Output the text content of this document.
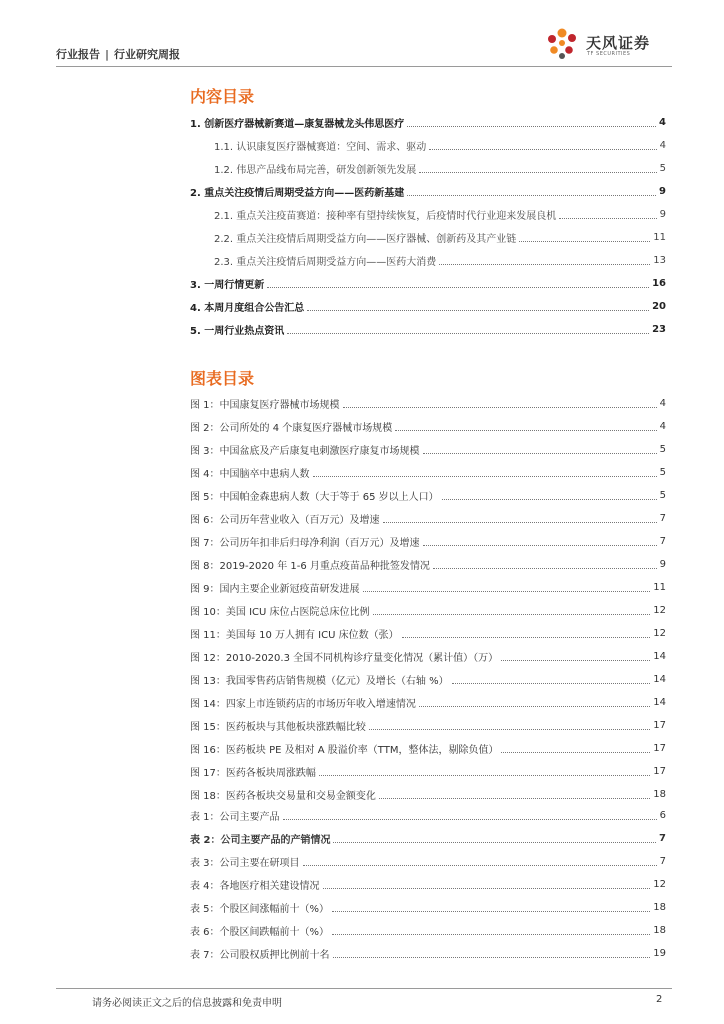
行业报告 | 行业研究周报
天风证券
TF SECURITIES
内容目录
1. 创新医疗器械新赛道—康复器械龙头伟思医疗	4
1.1. 认识康复医疗器械赛道：空间、需求、驱动	4
1.2. 伟思产品线布局完善，研发创新领先发展	5
2. 重点关注疫情后周期受益方向——医药新基建	9
2.1. 重点关注疫苗赛道：接种率有望持续恢复，后疫情时代行业迎来发展良机	9
2.2. 重点关注疫情后周期受益方向——医疗器械、创新药及其产业链	11
2.3. 重点关注疫情后周期受益方向——医药大消费	13
3. 一周行情更新	16
4. 本周月度组合公告汇总	20
5. 一周行业热点资讯	23
图表目录
图 1：中国康复医疗器械市场规模	4
图 2：公司所处的 4 个康复医疗器械市场规模	4
图 3：中国盆底及产后康复电刺激医疗康复市场规模	5
图 4：中国脑卒中患病人数	5
图 5：中国帕金森患病人数（大于等于 65 岁以上人口）	5
图 6：公司历年营业收入（百万元）及增速	7
图 7：公司历年扣非后归母净利润（百万元）及增速	7
图 8：2019-2020 年 1-6 月重点疫苗品种批签发情况	9
图 9：国内主要企业新冠疫苗研发进展	11
图 10：美国 ICU 床位占医院总床位比例	12
图 11：美国每 10 万人拥有 ICU 床位数（张）	12
图 12：2010-2020.3 全国不同机构诊疗量变化情况（累计值）（万）	14
图 13：我国零售药店销售规模（亿元）及增长（右轴 %）	14
图 14：四家上市连锁药店的市场历年收入增速情况	14
图 15：医药板块与其他板块涨跌幅比较	17
图 16：医药板块 PE 及相对 A 股溢价率（TTM，整体法，剔除负值）	17
图 17：医药各板块周涨跌幅	17
图 18：医药各板块交易量和交易金额变化	18
表 1：公司主要产品	6
表 2：公司主要产品的产销情况	7
表 3：公司主要在研项目	7
表 4：各地医疗相关建设情况	12
表 5：个股区间涨幅前十（%）	18
表 6：个股区间跌幅前十（%）	18
表 7：公司股权质押比例前十名	19
请务必阅读正文之后的信息披露和免责申明	2
